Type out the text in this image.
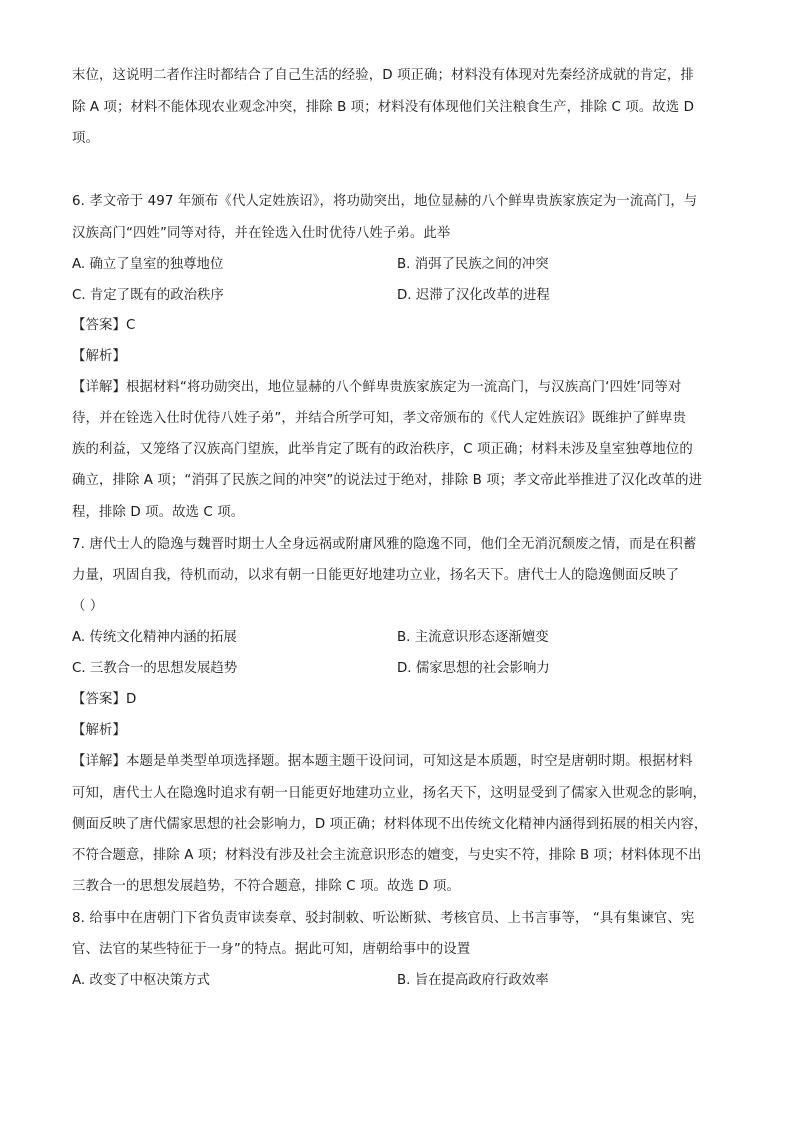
末位，这说明二者作注时都结合了自己生活的经验，D 项正确；材料没有体现对先秦经济成就的肯定，排
除 A 项；材料不能体现农业观念冲突，排除 B 项；材料没有体现他们关注粮食生产，排除 C 项。故选 D
项。
6. 孝文帝于 497 年颁布《代人定姓族诏》，将功勋突出，地位显赫的八个鲜卑贵族家族定为一流高门，与
汉族高门“四姓”同等对待，并在铨选入仕时优待八姓子弟。此举
A. 确立了皇室的独尊地位	B. 消弭了民族之间的冲突
C. 肯定了既有的政治秩序	D. 迟滞了汉化改革的进程
【答案】C
【解析】
【详解】根据材料“将功勋突出，地位显赫的八个鲜卑贵族家族定为一流高门，与汉族高门‘四姓’同等对
待，并在铨选入仕时优待八姓子弟”，并结合所学可知，孝文帝颁布的《代人定姓族诏》既维护了鲜卑贵
族的利益，又笼络了汉族高门望族，此举肯定了既有的政治秩序，C 项正确；材料未涉及皇室独尊地位的
确立，排除 A 项；“消弭了民族之间的冲突”的说法过于绝对，排除 B 项；孝文帝此举推进了汉化改革的进
程，排除 D 项。故选 C 项。
7. 唐代士人的隐逸与魏晋时期士人全身远祸或附庸风雅的隐逸不同，他们全无消沉颓废之情，而是在积蓄
力量，巩固自我，待机而动，以求有朝一日能更好地建功立业，扬名天下。唐代士人的隐逸侧面反映了
（ ）
A. 传统文化精神内涵的拓展	B. 主流意识形态逐渐嬗变
C. 三教合一的思想发展趋势	D. 儒家思想的社会影响力
【答案】D
【解析】
【详解】本题是单类型单项选择题。据本题主题干设问词，可知这是本质题，时空是唐朝时期。根据材料
可知，唐代士人在隐逸时追求有朝一日能更好地建功立业，扬名天下，这明显受到了儒家入世观念的影响，
侧面反映了唐代儒家思想的社会影响力，D 项正确；材料体现不出传统文化精神内涵得到拓展的相关内容，
不符合题意，排除 A 项；材料没有涉及社会主流意识形态的嬗变，与史实不符，排除 B 项；材料体现不出
三教合一的思想发展趋势，不符合题意，排除 C 项。故选 D 项。
8. 给事中在唐朝门下省负责审读奏章、驳封制敕、听讼断狱、考核官员、上书言事等， “具有集谏官、宪
官、法官的某些特征于一身”的特点。据此可知，唐朝给事中的设置
A. 改变了中枢决策方式	B. 旨在提高政府行政效率
